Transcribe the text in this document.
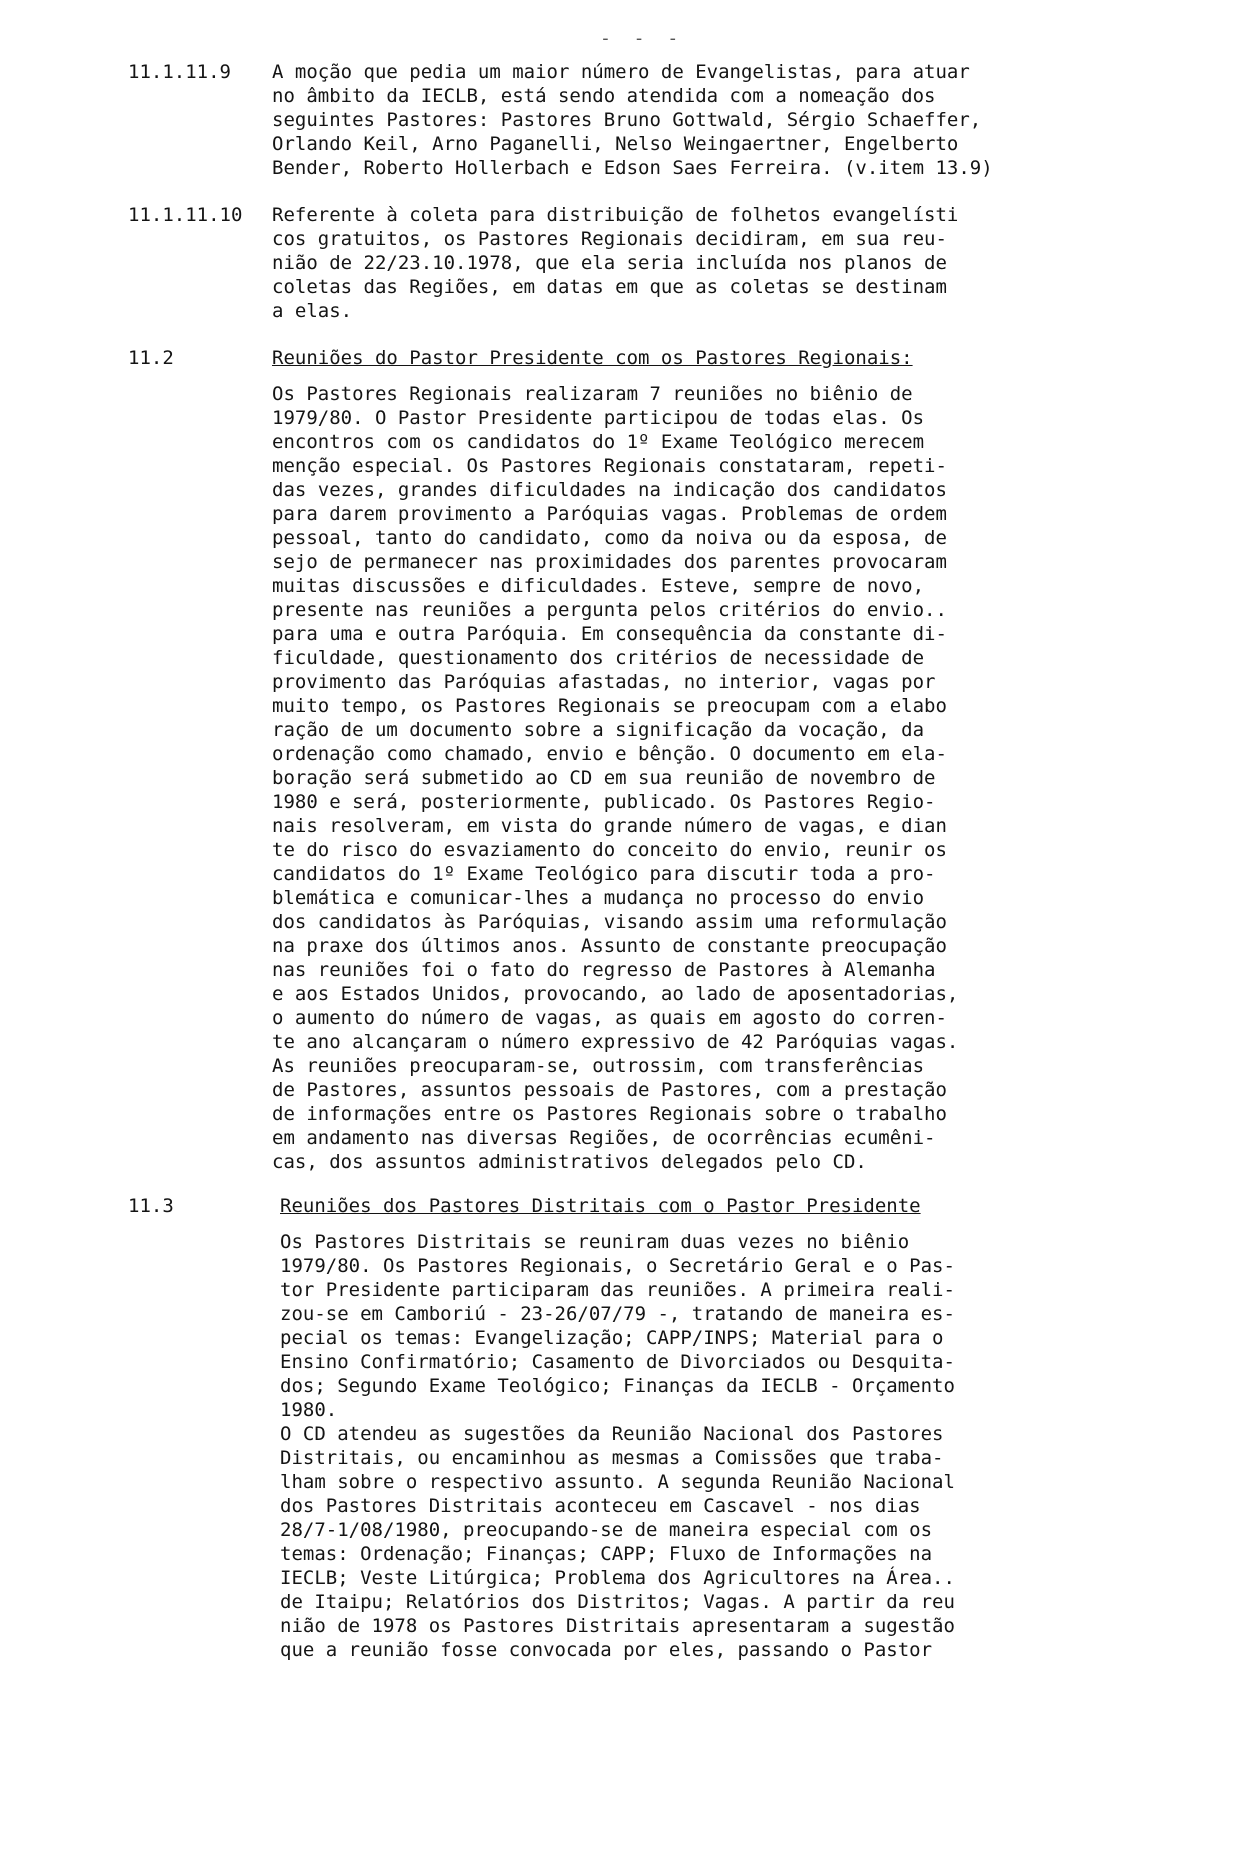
- - -
11.1.11.9 A moção que pedia um maior número de Evangelistas, para atuar
no âmbito da IECLB, está sendo atendida com a nomeação dos
seguintes Pastores: Pastores Bruno Gottwald, Sérgio Schaeffer,
Orlando Keil, Arno Paganelli, Nelso Weingaertner, Engelberto
Bender, Roberto Hollerbach e Edson Saes Ferreira. (v.item 13.9)
11.1.11.10 Referente à coleta para distribuição de folhetos evangelísti
cos gratuitos, os Pastores Regionais decidiram, em sua reu-
nião de 22/23.10.1978, que ela seria incluída nos planos de
coletas das Regiões, em datas em que as coletas se destinam
a elas.
11.2	Reuniões do Pastor Presidente com os Pastores Regionais:
Os Pastores Regionais realizaram 7 reuniões no biênio de
1979/80. O Pastor Presidente participou de todas elas. Os
encontros com os candidatos do 1º Exame Teológico merecem
menção especial. Os Pastores Regionais constataram, repeti-
das vezes, grandes dificuldades na indicação dos candidatos
para darem provimento a Paróquias vagas. Problemas de ordem
pessoal, tanto do candidato, como da noiva ou da esposa, de
sejo de permanecer nas proximidades dos parentes provocaram
muitas discussões e dificuldades. Esteve, sempre de novo,
presente nas reuniões a pergunta pelos critérios do envio..
para uma e outra Paróquia. Em consequência da constante di-
ficuldade, questionamento dos critérios de necessidade de
provimento das Paróquias afastadas, no interior, vagas por
muito tempo, os Pastores Regionais se preocupam com a elabo
ração de um documento sobre a significação da vocação, da
ordenação como chamado, envio e bênção. O documento em ela-
boração será submetido ao CD em sua reunião de novembro de
1980 e será, posteriormente, publicado. Os Pastores Regio-
nais resolveram, em vista do grande número de vagas, e dian
te do risco do esvaziamento do conceito do envio, reunir os
candidatos do 1º Exame Teológico para discutir toda a pro-
blemática e comunicar-lhes a mudança no processo do envio
dos candidatos às Paróquias, visando assim uma reformulação
na praxe dos últimos anos. Assunto de constante preocupação
nas reuniões foi o fato do regresso de Pastores à Alemanha
e aos Estados Unidos, provocando, ao lado de aposentadorias,
o aumento do número de vagas, as quais em agosto do corren-
te ano alcançaram o número expressivo de 42 Paróquias vagas.
As reuniões preocuparam-se, outrossim, com transferências
de Pastores, assuntos pessoais de Pastores, com a prestação
de informações entre os Pastores Regionais sobre o trabalho
em andamento nas diversas Regiões, de ocorrências ecumêni-
cas, dos assuntos administrativos delegados pelo CD.
11.3	Reuniões dos Pastores Distritais com o Pastor Presidente
Os Pastores Distritais se reuniram duas vezes no biênio
1979/80. Os Pastores Regionais, o Secretário Geral e o Pas-
tor Presidente participaram das reuniões. A primeira reali-
zou-se em Camboriú - 23-26/07/79 -, tratando de maneira es-
pecial os temas: Evangelização; CAPP/INPS; Material para o
Ensino Confirmatório; Casamento de Divorciados ou Desquita-
dos; Segundo Exame Teológico; Finanças da IECLB - Orçamento
1980.
O CD atendeu as sugestões da Reunião Nacional dos Pastores
Distritais, ou encaminhou as mesmas a Comissões que traba-
lham sobre o respectivo assunto. A segunda Reunião Nacional
dos Pastores Distritais aconteceu em Cascavel - nos dias
28/7-1/08/1980, preocupando-se de maneira especial com os
temas: Ordenação; Finanças; CAPP; Fluxo de Informações na
IECLB; Veste Litúrgica; Problema dos Agricultores na Área..
de Itaipu; Relatórios dos Distritos; Vagas. A partir da reu
nião de 1978 os Pastores Distritais apresentaram a sugestão
que a reunião fosse convocada por eles, passando o Pastor
